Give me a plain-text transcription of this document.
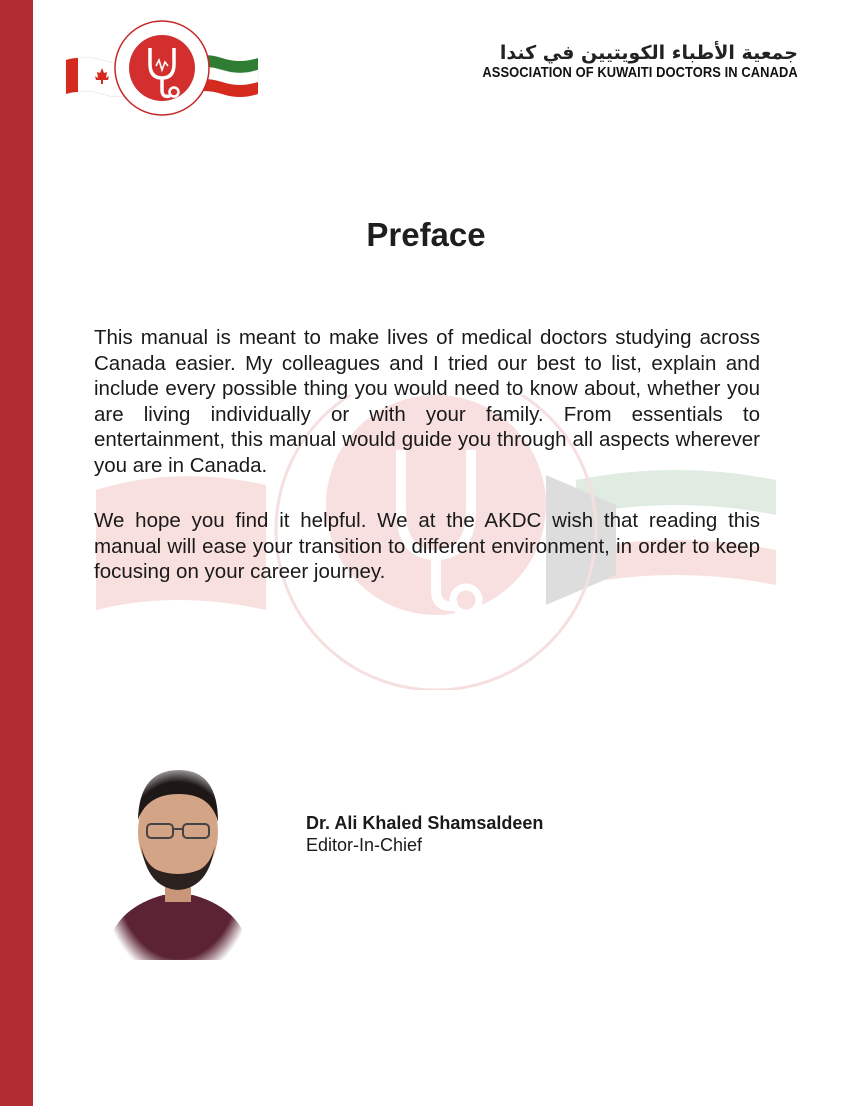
جمعية الأطباء الكويتيين في كندا
ASSOCIATION OF KUWAITI DOCTORS IN CANADA
Preface
This manual is meant to make lives of medical doctors studying across Canada easier. My colleagues and I tried our best to list, explain and include every possible thing you would need to know about, whether you are living individually or with your family. From essentials to entertainment, this manual would guide you through all aspects wherever you are in Canada.
We hope you find it helpful. We at the AKDC wish that reading this manual will ease your transition to different environment, in order to keep focusing on your career journey.
Dr. Ali Khaled Shamsaldeen
Editor-In-Chief
